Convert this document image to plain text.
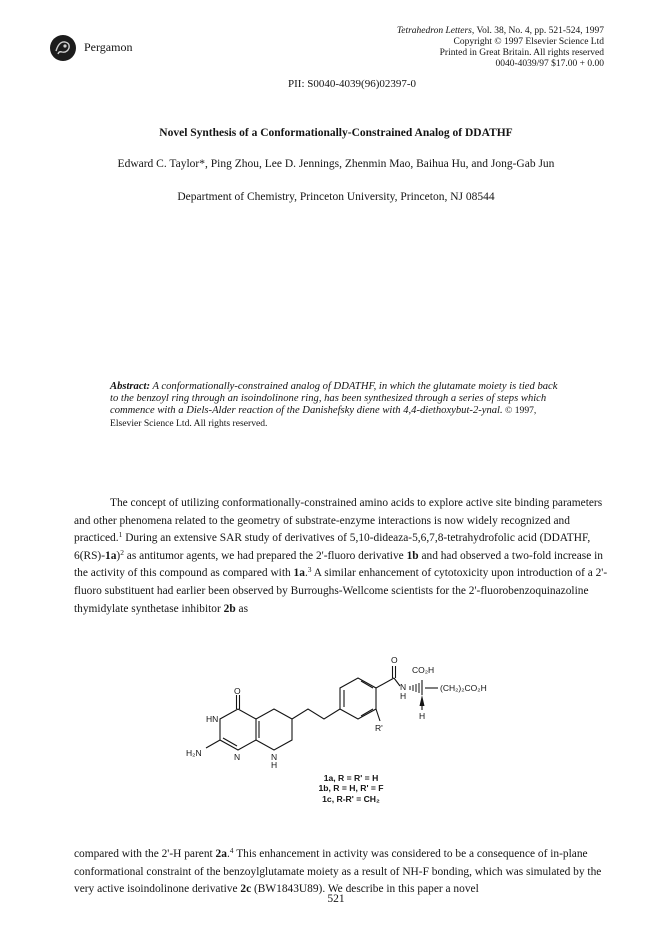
Pergamon
Tetrahedron Letters, Vol. 38, No. 4, pp. 521-524, 1997
Copyright © 1997 Elsevier Science Ltd
Printed in Great Britain. All rights reserved
0040-4039/97 $17.00 + 0.00
PII: S0040-4039(96)02397-0
Novel Synthesis of a Conformationally-Constrained Analog of DDATHF
Edward C. Taylor*, Ping Zhou, Lee D. Jennings, Zhenmin Mao, Baihua Hu, and Jong-Gab Jun
Department of Chemistry, Princeton University, Princeton, NJ 08544
Abstract: A conformationally-constrained analog of DDATHF, in which the glutamate moiety is tied back to the benzoyl ring through an isoindolinone ring, has been synthesized through a series of steps which commence with a Diels-Alder reaction of the Danishefsky diene with 4,4-diethoxybut-2-ynal. © 1997, Elsevier Science Ltd. All rights reserved.

The concept of utilizing conformationally-constrained amino acids to explore active site binding parameters and other phenomena related to the geometry of substrate-enzyme interactions is now widely recognized and practiced.$^1$ During an extensive SAR study of derivatives of 5,10-dideaza-5,6,7,8-tetrahydrofolic acid (DDATHF, 6(RS)-1a)$^2$ as antitumor agents, we had prepared the 2'-fluoro derivative 1b and had observed a two-fold increase in the activity of this compound as compared with 1a.$^3$ A similar enhancement of cytotoxicity upon introduction of a 2'-fluoro substituent had earlier been observed by Burroughs-Wellcome scientists for the 2'-fluorobenzoquinazoline thymidylate synthetase inhibitor 2b as

O
CO₂H
N
H
(CH₂)₂CO₂H
H
R'
O
HN
H₂N	N	N
H
1a, R = R' = H
1b, R = H, R' = F
1c, R-R' = CH₂

compared with the 2'-H parent 2a.$^4$ This enhancement in activity was considered to be a consequence of in-plane conformational constraint of the benzoylglutamate moiety as a result of NH-F bonding, which was simulated by the very active isoindolinone derivative 2c (BW1843U89). We describe in this paper a novel

521
